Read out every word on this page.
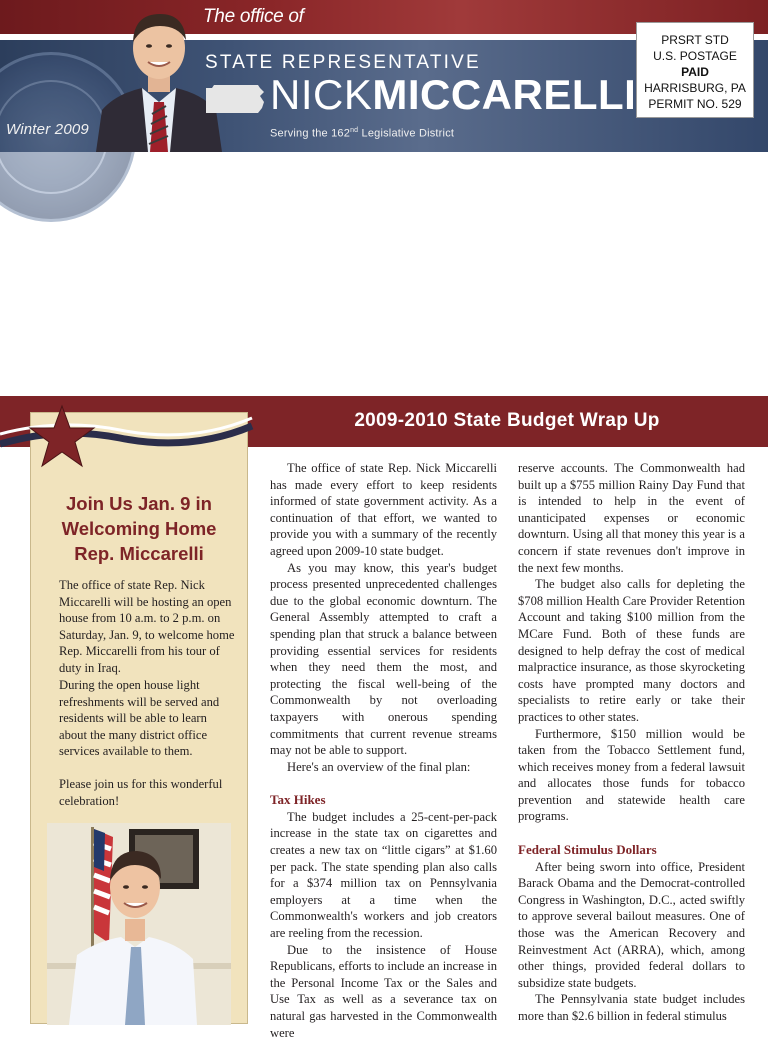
The office of
STATE REPRESENTATIVE
NICKMICCARELLI
Serving the 162nd Legislative District
Winter 2009
PRSRT STD
U.S. POSTAGE
PAID
HARRISBURG, PA
PERMIT NO. 529
2009-2010 State Budget Wrap Up
Join Us Jan. 9 in
Welcoming Home
Rep. Miccarelli

The office of state Rep. Nick Miccarelli will be hosting an open house from 10 a.m. to 2 p.m. on Saturday, Jan. 9, to welcome home Rep. Miccarelli from his tour of duty in Iraq.

During the open house light refreshments will be served and residents will be able to learn about the many district office services available to them.

Please join us for this wonderful celebration!

The office of state Rep. Nick Miccarelli has made every effort to keep residents informed of state government activity. As a continuation of that effort, we wanted to provide you with a summary of the recently agreed upon 2009-10 state budget.

As you may know, this year's budget process presented unprecedented challenges due to the global economic downturn. The General Assembly attempted to craft a spending plan that struck a balance between providing essential services for residents when they need them the most, and protecting the fiscal well-being of the Commonwealth by not overloading taxpayers with onerous spending commitments that current revenue streams may not be able to support.

Here's an overview of the final plan:

Tax Hikes

The budget includes a 25-cent-per-pack increase in the state tax on cigarettes and creates a new tax on “little cigars” at $1.60 per pack. The state spending plan also calls for a $374 million tax on Pennsylvania employers at a time when the Commonwealth's workers and job creators are reeling from the recession.

Due to the insistence of House Republicans, efforts to include an increase in the Personal Income Tax or the Sales and Use Tax as well as a severance tax on natural gas harvested in the Commonwealth were

reserve accounts. The Commonwealth had built up a $755 million Rainy Day Fund that is intended to help in the event of unanticipated expenses or economic downturn. Using all that money this year is a concern if state revenues don't improve in the next few months.

The budget also calls for depleting the $708 million Health Care Provider Retention Account and taking $100 million from the MCare Fund. Both of these funds are designed to help defray the cost of medical malpractice insurance, as those skyrocketing costs have prompted many doctors and specialists to retire early or take their practices to other states.

Furthermore, $150 million would be taken from the Tobacco Settlement fund, which receives money from a federal lawsuit and allocates those funds for tobacco prevention and statewide health care programs.

Federal Stimulus Dollars

After being sworn into office, President Barack Obama and the Democrat-controlled Congress in Washington, D.C., acted swiftly to approve several bailout measures. One of those was the American Recovery and Reinvestment Act (ARRA), which, among other things, provided federal dollars to subsidize state budgets.

The Pennsylvania state budget includes more than $2.6 billion in federal stimulus
